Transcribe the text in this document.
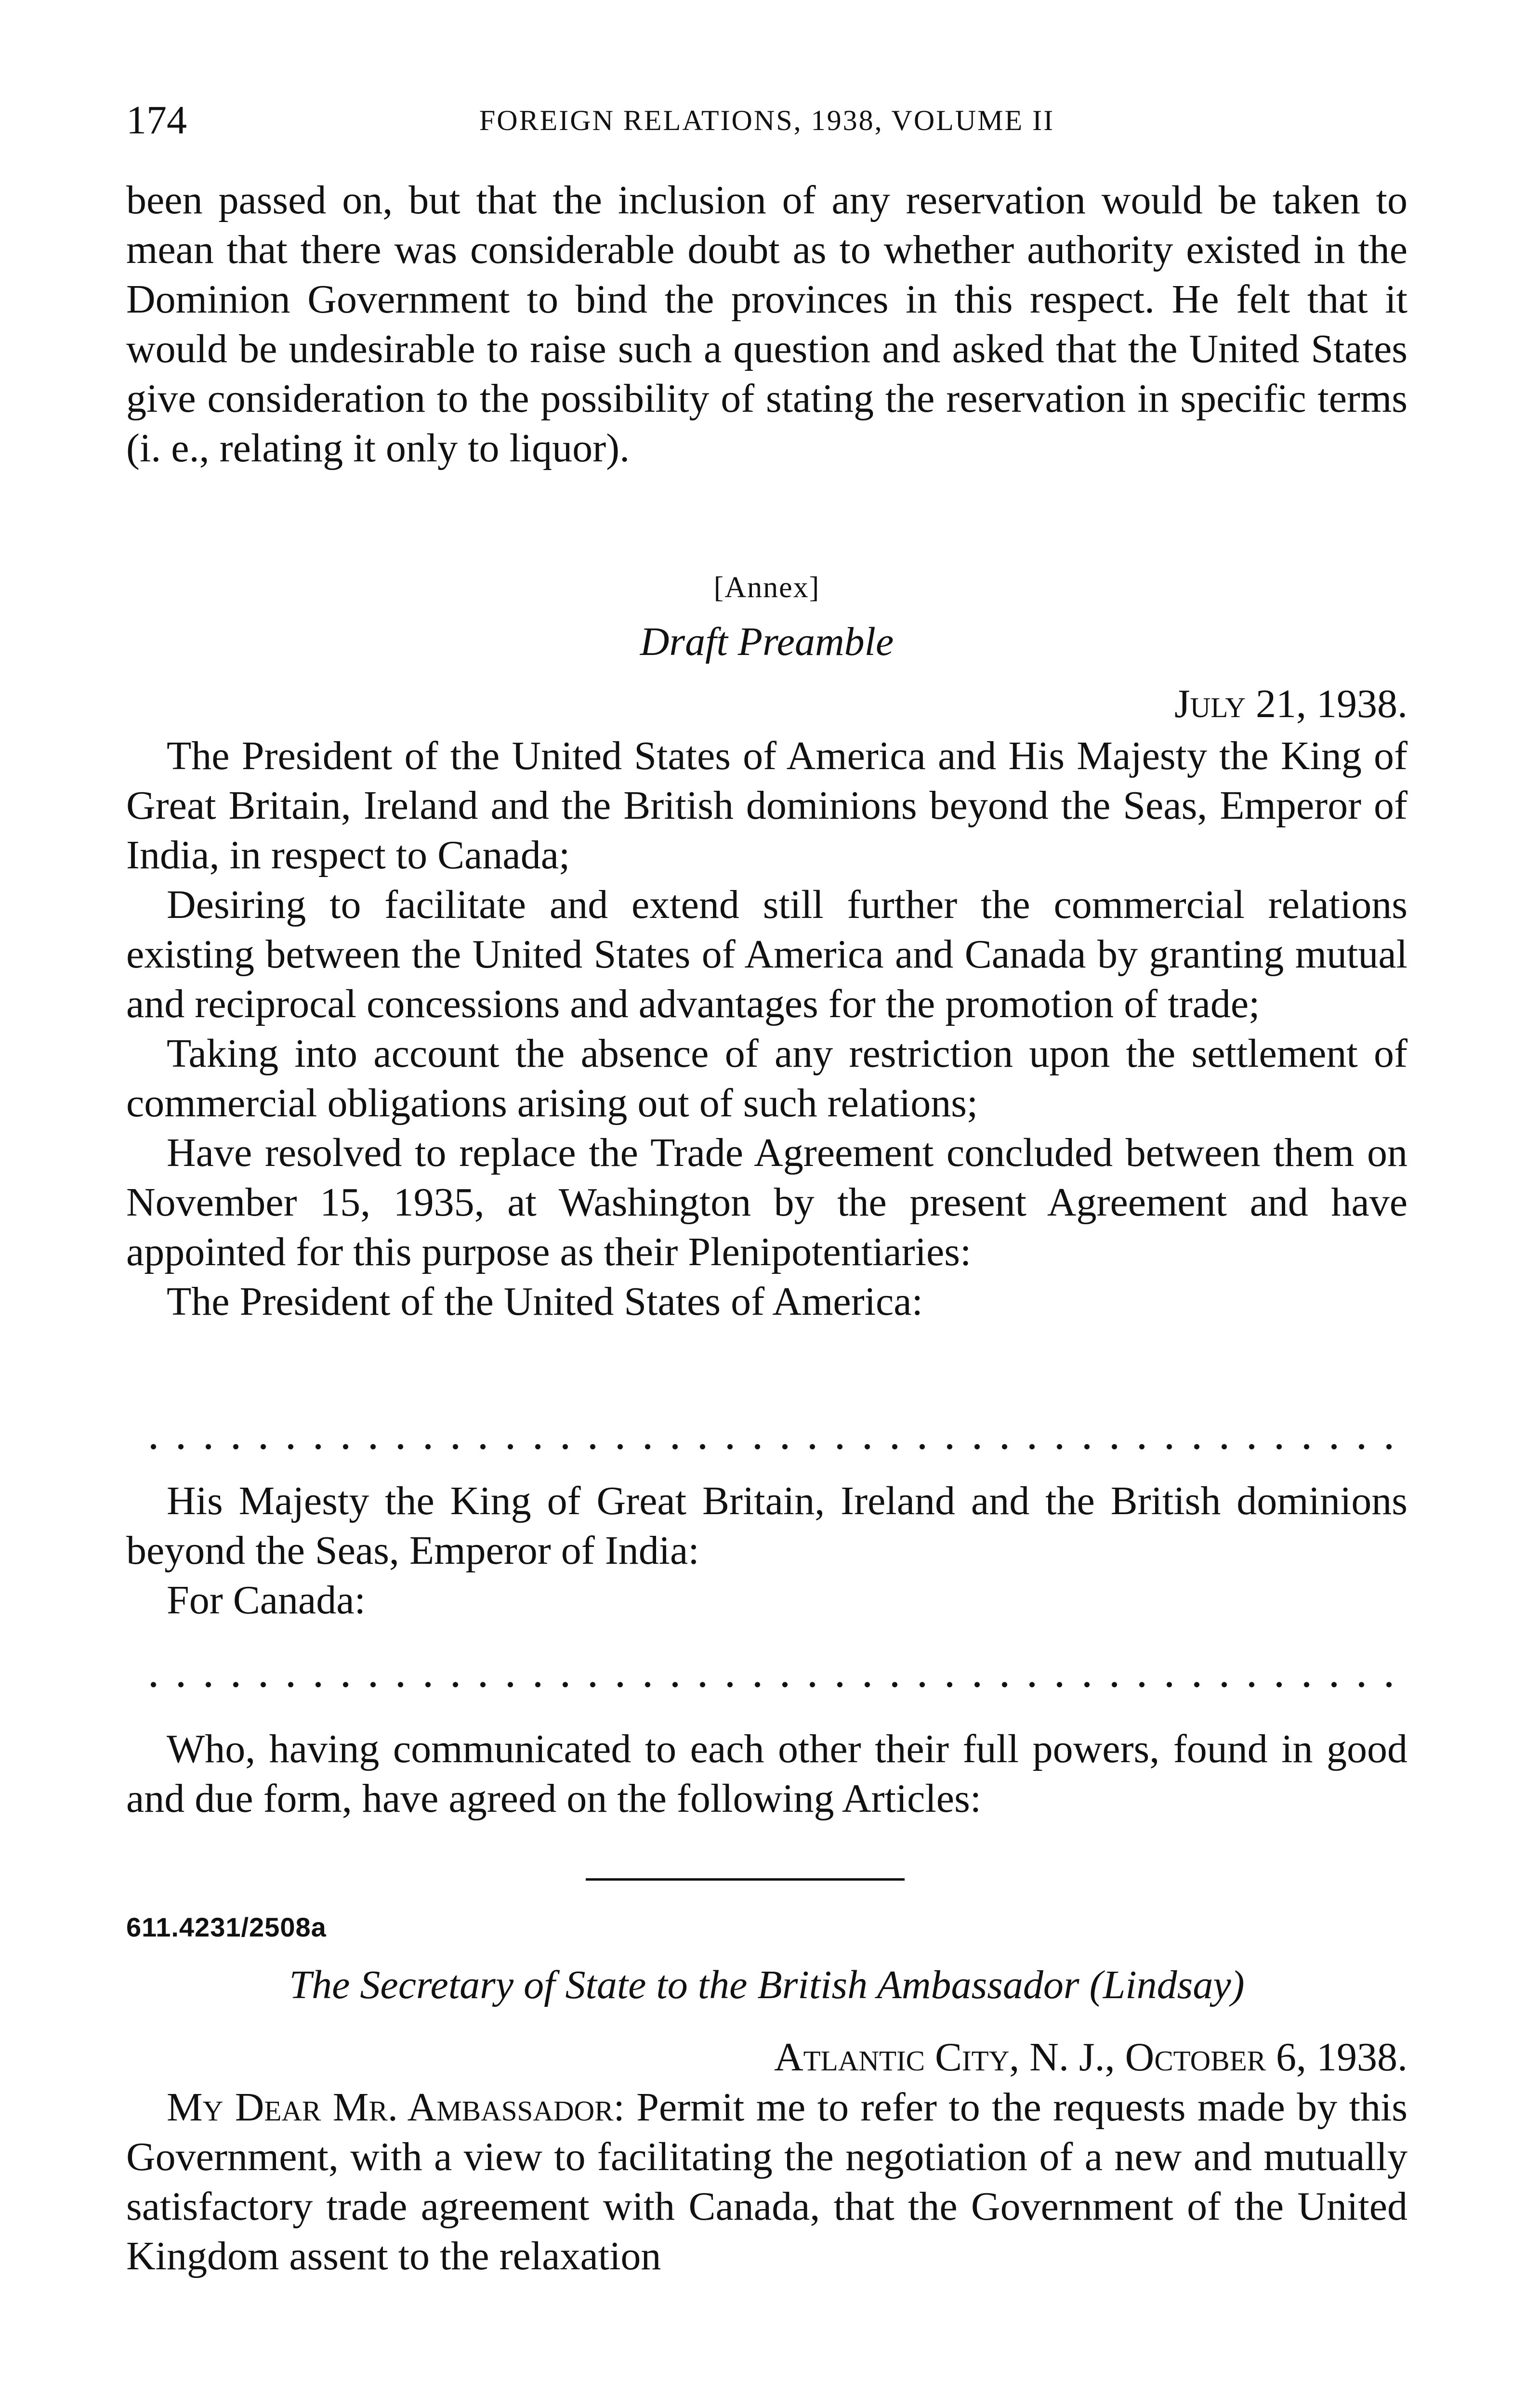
174	FOREIGN RELATIONS, 1938, VOLUME II

been passed on, but that the inclusion of any reservation would be taken to mean that there was considerable doubt as to whether authority existed in the Dominion Government to bind the provinces in this respect. He felt that it would be undesirable to raise such a question and asked that the United States give consideration to the possibility of stating the reservation in specific terms (i. e., relating it only to liquor).

[Annex]
Draft Preamble
July 21, 1938.

The President of the United States of America and His Majesty the King of Great Britain, Ireland and the British dominions beyond the Seas, Emperor of India, in respect to Canada;

Desiring to facilitate and extend still further the commercial relations existing between the United States of America and Canada by granting mutual and reciprocal concessions and advantages for the promotion of trade;

Taking into account the absence of any restriction upon the settlement of commercial obligations arising out of such relations;

Have resolved to replace the Trade Agreement concluded between them on November 15, 1935, at Washington by the present Agreement and have appointed for this purpose as their Plenipotentiaries:

The President of the United States of America:

His Majesty the King of Great Britain, Ireland and the British dominions beyond the Seas, Emperor of India:

For Canada:

Who, having communicated to each other their full powers, found in good and due form, have agreed on the following Articles:

611.4231/2508a
The Secretary of State to the British Ambassador (Lindsay)
Atlantic City, N. J., October 6, 1938.

My Dear Mr. Ambassador: Permit me to refer to the requests made by this Government, with a view to facilitating the negotiation of a new and mutually satisfactory trade agreement with Canada, that the Government of the United Kingdom assent to the relaxation
